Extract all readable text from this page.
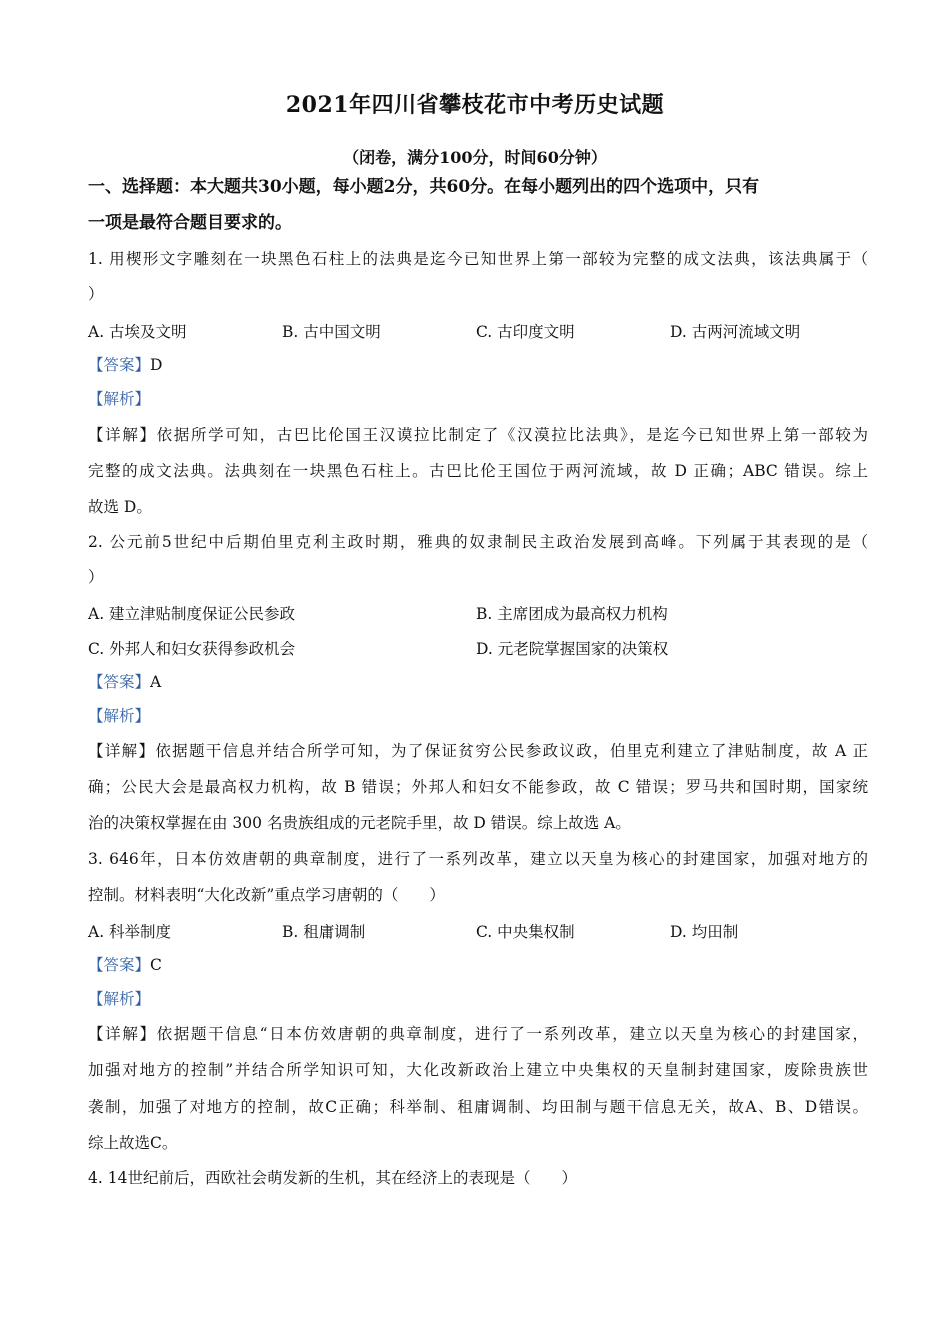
2021年四川省攀枝花市中考历史试题
（闭卷，满分100分，时间60分钟）
一、选择题：本大题共30小题，每小题2分，共60分。在每小题列出的四个选项中，只有
一项是最符合题目要求的。
1. 用楔形文字雕刻在一块黑色石柱上的法典是迄今已知世界上第一部较为完整的成文法典，该法典属于（
）
A. 古埃及文明	B. 古中国文明	C. 古印度文明	D. 古两河流域文明
【答案】D
【解析】
【详解】依据所学可知，古巴比伦国王汉谟拉比制定了《汉漠拉比法典》，是迄今已知世界上第一部较为
完整的成文法典。法典刻在一块黑色石柱上。古巴比伦王国位于两河流域，故 D 正确；ABC 错误。综上
故选 D。
2. 公元前5世纪中后期伯里克利主政时期，雅典的奴隶制民主政治发展到高峰。下列属于其表现的是（
）
A. 建立津贴制度保证公民参政	B. 主席团成为最高权力机构
C. 外邦人和妇女获得参政机会	D. 元老院掌握国家的决策权
【答案】A
【解析】
【详解】依据题干信息并结合所学可知，为了保证贫穷公民参政议政，伯里克利建立了津贴制度，故 A 正
确；公民大会是最高权力机构，故 B 错误；外邦人和妇女不能参政，故 C 错误；罗马共和国时期，国家统
治的决策权掌握在由 300 名贵族组成的元老院手里，故 D 错误。综上故选 A。
3. 646年，日本仿效唐朝的典章制度，进行了一系列改革，建立以天皇为核心的封建国家，加强对地方的
控制。材料表明“大化改新”重点学习唐朝的（　　）
A. 科举制度	B. 租庸调制	C. 中央集权制	D. 均田制
【答案】C
【解析】
【详解】依据题干信息“日本仿效唐朝的典章制度，进行了一系列改革，建立以天皇为核心的封建国家，
加强对地方的控制”并结合所学知识可知，大化改新政治上建立中央集权的天皇制封建国家，废除贵族世
袭制，加强了对地方的控制，故C正确；科举制、租庸调制、均田制与题干信息无关，故A、B、D错误。
综上故选C。
4. 14世纪前后，西欧社会萌发新的生机，其在经济上的表现是（　　）
